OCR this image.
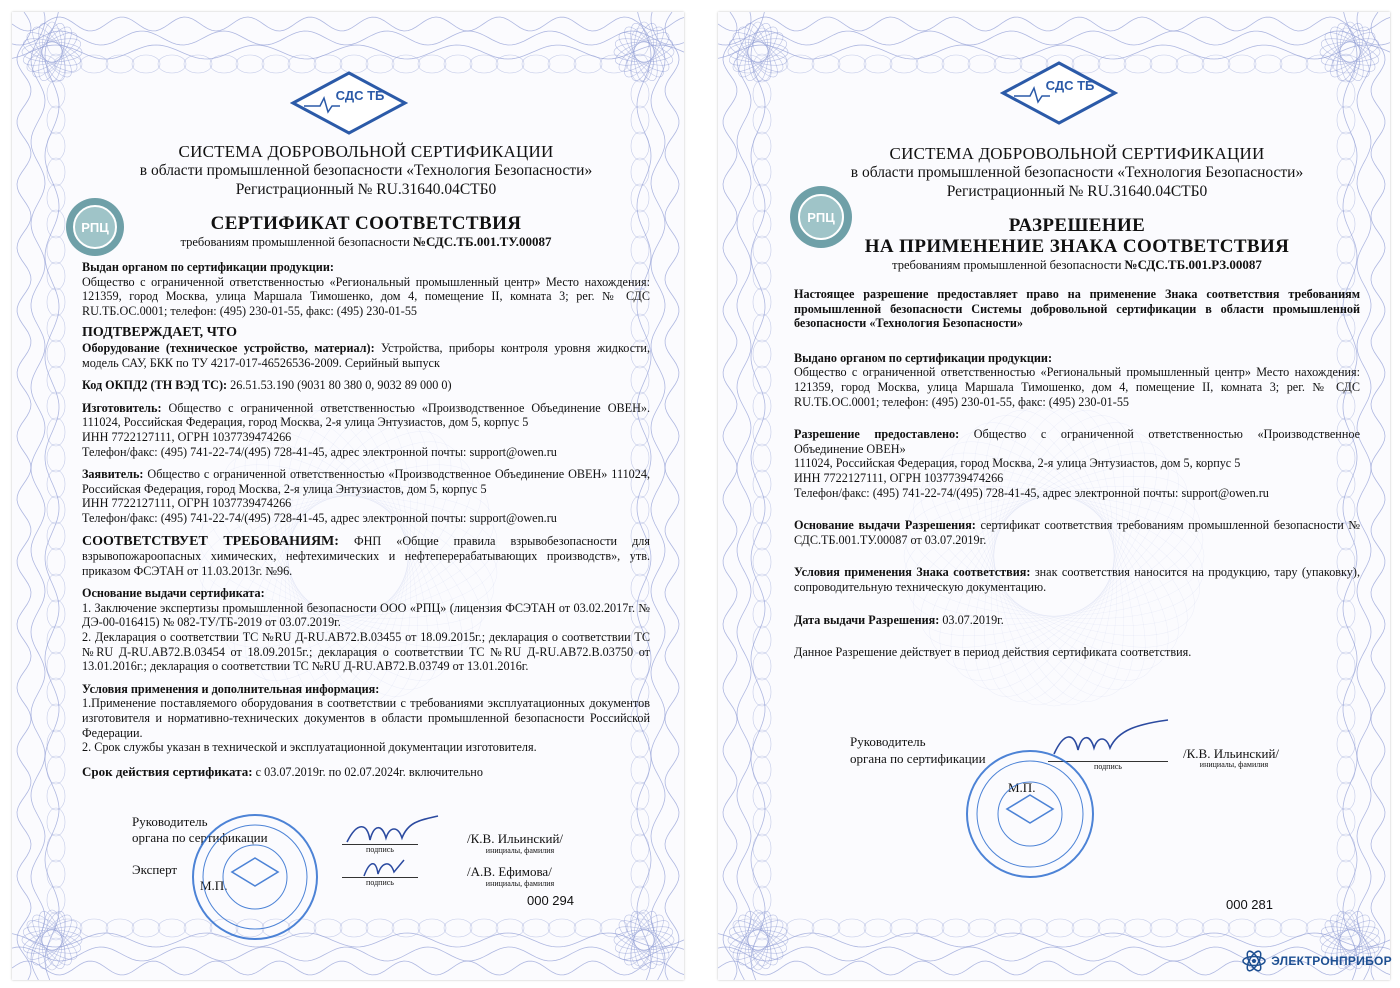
СДС ТБ
РПЦ
СИСТЕМА ДОБРОВОЛЬНОЙ СЕРТИФИКАЦИИ
в области промышленной безопасности «Технология Безопасности»
Регистрационный № RU.31640.04СТБ0
СЕРТИФИКАТ СООТВЕТСТВИЯ
требованиям промышленной безопасности №СДС.ТБ.001.ТУ.00087

Выдан органом по сертификации продукции:

Общество с ограниченной ответственностью «Региональный промышленный центр» Место нахождения: 121359, город Москва, улица Маршала Тимошенко, дом 4, помещение II, комната 3; рег. № СДС RU.ТБ.ОС.0001; телефон: (495) 230-01-55, факс: (495) 230-01-55

ПОДТВЕРЖДАЕТ, ЧТО

Оборудование (техническое устройство, материал): Устройства, приборы контроля уровня жидкости, модель САУ, БКК по ТУ 4217-017-46526536-2009. Серийный выпуск

Код ОКПД2 (ТН ВЭД ТС): 26.51.53.190 (9031 80 380 0, 9032 89 000 0)

Изготовитель: Общество с ограниченной ответственностью «Производственное Объединение ОВЕН». 111024, Российская Федерация, город Москва, 2-я улица Энтузиастов, дом 5, корпус 5

ИНН 7722127111, ОГРН 1037739474266

Телефон/факс: (495) 741-22-74/(495) 728-41-45, адрес электронной почты: support@owen.ru

Заявитель: Общество с ограниченной ответственностью «Производственное Объединение ОВЕН» 111024, Российская Федерация, город Москва, 2-я улица Энтузиастов, дом 5, корпус 5

ИНН 7722127111, ОГРН 1037739474266

Телефон/факс: (495) 741-22-74/(495) 728-41-45, адрес электронной почты: support@owen.ru

СООТВЕТСТВУЕТ ТРЕБОВАНИЯМ: ФНП «Общие правила взрывобезопасности для взрывопожароопасных химических, нефтехимических и нефтеперерабатывающих производств», утв. приказом ФСЭТАН от 11.03.2013г. №96.

Основание выдачи сертификата:

1. Заключение экспертизы промышленной безопасности ООО «РПЦ» (лицензия ФСЭТАН от 03.02.2017г. № ДЭ-00-016415) № 082-ТУ/ТБ-2019 от 03.07.2019г.

2. Декларация о соответствии ТС №RU Д-RU.АВ72.В.03455 от 18.09.2015г.; декларация о соответствии ТС №RU Д-RU.АВ72.В.03454 от 18.09.2015г.; декларация о соответствии ТС №RU Д-RU.АВ72.В.03750 от 13.01.2016г.; декларация о соответствии ТС №RU Д-RU.АВ72.В.03749 от 13.01.2016г.

Условия применения и дополнительная информация:

1.Применение поставляемого оборудования в соответствии с требованиями эксплуатационных документов изготовителя и нормативно-технических документов в области промышленной безопасности Российской Федерации.

2. Срок службы указан в технической и эксплуатационной документации изготовителя.

Срок действия сертификата: с 03.07.2019г. по 02.07.2024г. включительно

Руководитель
органа по сертификации
подпись
/К.В. Ильинский/
инициалы, фамилия
Эксперт
подпись
/А.В. Ефимова/
инициалы, фамилия
М.П.
000 294
СДС ТБ
РПЦ
СИСТЕМА ДОБРОВОЛЬНОЙ СЕРТИФИКАЦИИ
в области промышленной безопасности «Технология Безопасности»
Регистрационный № RU.31640.04СТБ0
РАЗРЕШЕНИЕ
НА ПРИМЕНЕНИЕ ЗНАКА СООТВЕТСТВИЯ
требованиям промышленной безопасности №СДС.ТБ.001.РЗ.00087

Настоящее разрешение предоставляет право на применение Знака соответствия требованиям промышленной безопасности Системы добровольной сертификации в области промышленной безопасности «Технология Безопасности»

Выдано органом по сертификации продукции:

Общество с ограниченной ответственностью «Региональный промышленный центр» Место нахождения: 121359, город Москва, улица Маршала Тимошенко, дом 4, помещение II, комната 3; рег. № СДС RU.ТБ.ОС.0001; телефон: (495) 230-01-55, факс: (495) 230-01-55

Разрешение предоставлено: Общество с ограниченной ответственностью «Производственное Объединение ОВЕН»

111024, Российская Федерация, город Москва, 2-я улица Энтузиастов, дом 5, корпус 5

ИНН 7722127111, ОГРН 1037739474266

Телефон/факс: (495) 741-22-74/(495) 728-41-45, адрес электронной почты: support@owen.ru

Основание выдачи Разрешения: сертификат соответствия требованиям промышленной безопасности № СДС.ТБ.001.ТУ.00087 от 03.07.2019г.

Условия применения Знака соответствия: знак соответствия наносится на продукцию, тару (упаковку), сопроводительную техническую документацию.

Дата выдачи Разрешения: 03.07.2019г.

Данное Разрешение действует в период действия сертификата соответствия.

Руководитель
органа по сертификации
подпись
/К.В. Ильинский/
инициалы, фамилия
М.П.
000 281
ЭЛЕКТРОНПРИБОР
